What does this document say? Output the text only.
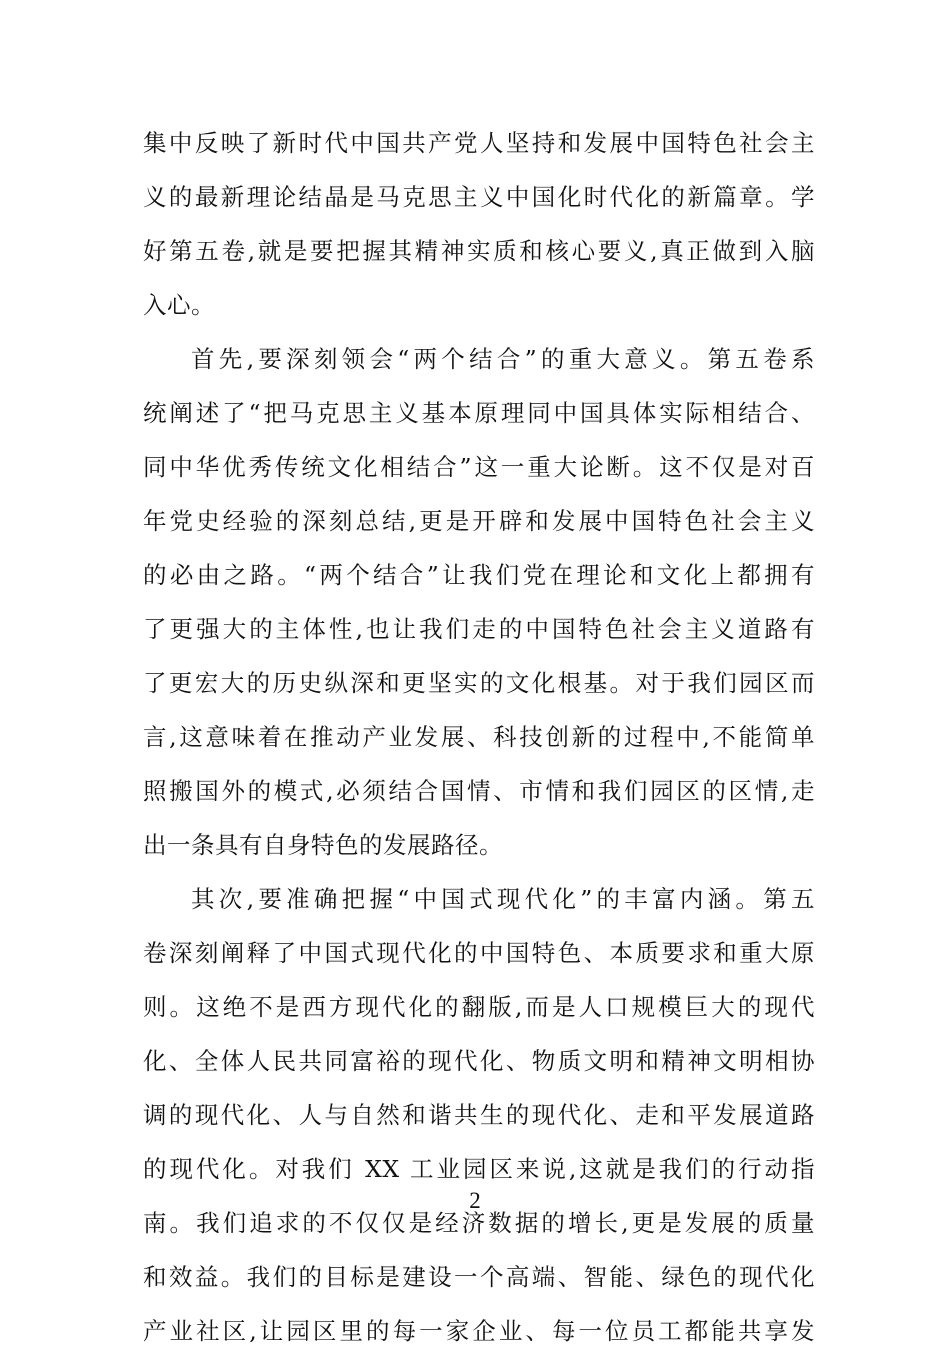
集中反映了新时代中国共产党人坚持和发展中国特色社会主
义的最新理论结晶是马克思主义中国化时代化的新篇章。学
好第五卷,就是要把握其精神实质和核心要义,真正做到入脑
入心。
首先,要深刻领会“两个结合”的重大意义。第五卷系
统阐述了“把马克思主义基本原理同中国具体实际相结合、
同中华优秀传统文化相结合”这一重大论断。这不仅是对百
年党史经验的深刻总结,更是开辟和发展中国特色社会主义
的必由之路。“两个结合”让我们党在理论和文化上都拥有
了更强大的主体性,也让我们走的中国特色社会主义道路有
了更宏大的历史纵深和更坚实的文化根基。对于我们园区而
言,这意味着在推动产业发展、科技创新的过程中,不能简单
照搬国外的模式,必须结合国情、市情和我们园区的区情,走
出一条具有自身特色的发展路径。
其次,要准确把握“中国式现代化”的丰富内涵。第五
卷深刻阐释了中国式现代化的中国特色、本质要求和重大原
则。这绝不是西方现代化的翻版,而是人口规模巨大的现代
化、全体人民共同富裕的现代化、物质文明和精神文明相协
调的现代化、人与自然和谐共生的现代化、走和平发展道路
的现代化。对我们 XX 工业园区来说,这就是我们的行动指
南。我们追求的不仅仅是经济数据的增长,更是发展的质量
和效益。我们的目标是建设一个高端、智能、绿色的现代化
产业社区,让园区里的每一家企业、每一位员工都能共享发
2
